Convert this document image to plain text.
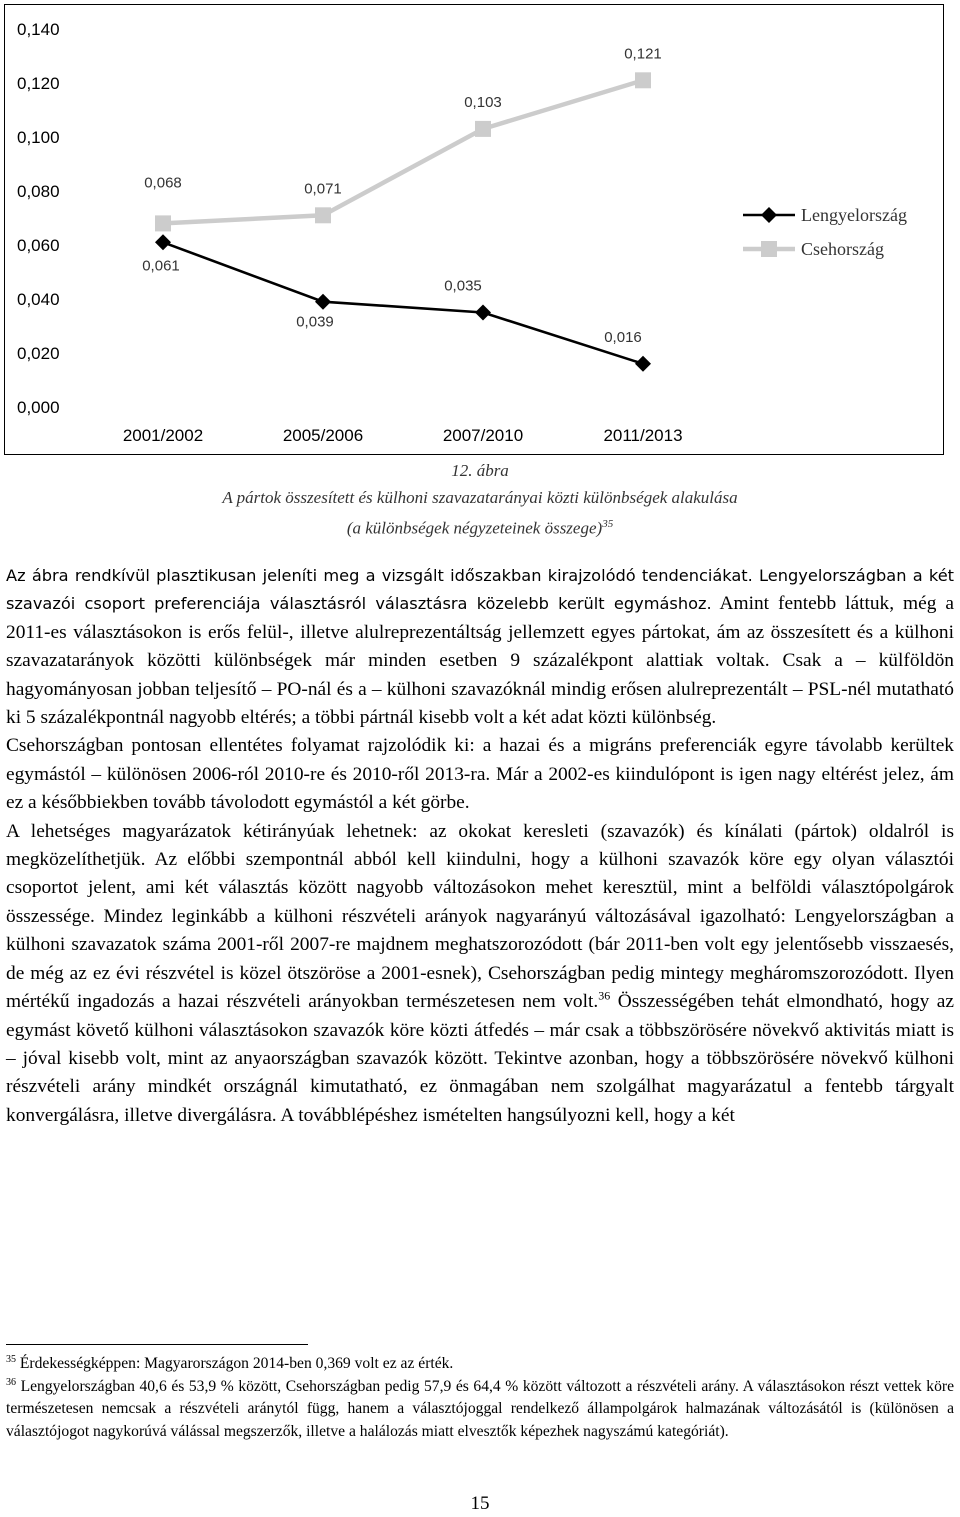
0,000
0,020
0,040
0,060
0,080
0,100
0,120
0,140
2001/2002	2005/2006	2007/2010	2011/2013
0,061
0,039
0,035
0,016
0,068	0,071
0,103
0,121
Lengyelország
Csehország
12. ábra
A pártok összesített és külhoni szavazatarányai közti különbségek alakulása
(a különbségek négyzeteinek összege)$^{35}$

Az ábra rendkívül plasztikusan jeleníti meg a vizsgált időszakban kirajzolódó tendenciákat. Lengyelországban a két szavazói csoport preferenciája választásról választásra közelebb került egymáshoz. Amint fentebb láttuk, még a 2011-es választásokon is erős felül-, illetve alulreprezentáltság jellemzett egyes pártokat, ám az összesített és a külhoni szavazatarányok közötti különbségek már minden esetben 9 százalékpont alattiak voltak. Csak a – külföldön hagyományosan jobban teljesítő – PO-nál és a – külhoni szavazóknál mindig erősen alulreprezentált – PSL-nél mutatható ki 5 százalékpontnál nagyobb eltérés; a többi pártnál kisebb volt a két adat közti különbség.

Csehországban pontosan ellentétes folyamat rajzolódik ki: a hazai és a migráns preferenciák egyre távolabb kerültek egymástól – különösen 2006-ról 2010-re és 2010-ről 2013-ra. Már a 2002-es kiindulópont is igen nagy eltérést jelez, ám ez a későbbiekben tovább távolodott egymástól a két görbe.

A lehetséges magyarázatok kétirányúak lehetnek: az okokat keresleti (szavazók) és kínálati (pártok) oldalról is megközelíthetjük. Az előbbi szempontnál abból kell kiindulni, hogy a külhoni szavazók köre egy olyan választói csoportot jelent, ami két választás között nagyobb változásokon mehet keresztül, mint a belföldi választópolgárok összessége. Mindez leginkább a külhoni részvételi arányok nagyarányú változásával igazolható: Lengyelországban a külhoni szavazatok száma 2001-ről 2007-re majdnem meghatszorozódott (bár 2011-ben volt egy jelentősebb visszaesés, de még az ez évi részvétel is közel ötszöröse a 2001-esnek), Csehországban pedig mintegy megháromszorozódott. Ilyen mértékű ingadozás a hazai részvételi arányokban természetesen nem volt.$^{36}$ Összességében tehát elmondható, hogy az egymást követő külhoni választásokon szavazók köre közti átfedés – már csak a többszörösére növekvő aktivitás miatt is – jóval kisebb volt, mint az anyaországban szavazók között. Tekintve azonban, hogy a többszörösére növekvő külhoni részvételi arány mindkét országnál kimutatható, ez önmagában nem szolgálhat magyarázatul a fentebb tárgyalt konvergálásra, illetve divergálásra. A továbblépéshez ismételten hangsúlyozni kell, hogy a két

$^{35}$ Érdekességképpen: Magyarországon 2014-ben 0,369 volt ez az érték.

$^{36}$ Lengyelországban 40,6 és 53,9 % között, Csehországban pedig 57,9 és 64,4 % között változott a részvételi arány. A választásokon részt vettek köre természetesen nemcsak a részvételi aránytól függ, hanem a választójoggal rendelkező állampolgárok halmazának változásától is (különösen a választójogot nagykorúvá válással megszerzők, illetve a halálozás miatt elvesztők képezhek nagyszámú kategóriát).

15
